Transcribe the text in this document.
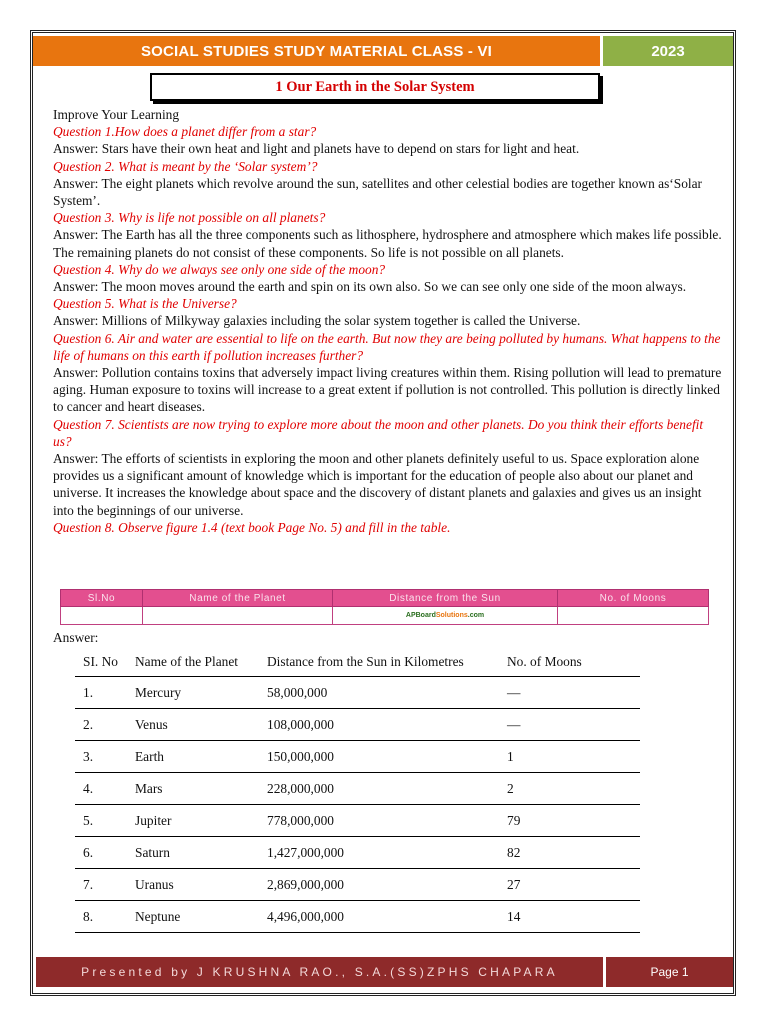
SOCIAL STUDIES STUDY MATERIAL CLASS - VI	2023
1 Our Earth in the Solar System

Improve Your Learning

Question 1.How does a planet differ from a star?

Answer: Stars have their own heat and light and planets have to depend on stars for light and heat.

Question 2. What is meant by the ‘Solar system’?

Answer: The eight planets which revolve around the sun, satellites and other celestial bodies are together known as‘Solar System’.

Question 3. Why is life not possible on all planets?

Answer: The Earth has all the three components such as lithosphere, hydrosphere and atmosphere which makes life possible. The remaining planets do not consist of these components. So life is not possible on all planets.

Question 4. Why do we always see only one side of the moon?

Answer: The moon moves around the earth and spin on its own also. So we can see only one side of the moon always.

Question 5. What is the Universe?

Answer: Millions of Milkyway galaxies including the solar system together is called the Universe.

Question 6. Air and water are essential to life on the earth. But now they are being polluted by humans. What happens to the life of humans on this earth if pollution increases further?

Answer: Pollution contains toxins that adversely impact living creatures within them. Rising pollution will lead to premature aging. Human exposure to toxins will increase to a great extent if pollution is not controlled. This pollution is directly linked to cancer and heart diseases.

Question 7. Scientists are now trying to explore more about the moon and other planets. Do you think their efforts benefit us?

Answer: The efforts of scientists in exploring the moon and other planets definitely useful to us. Space exploration alone provides us a significant amount of knowledge which is important for the education of people also about our planet and universe. It increases the knowledge about space and the discovery of distant planets and galaxies and gives us an insight into the beginnings of our universe.

Question 8. Observe figure 1.4 (text book Page No. 5) and fill in the table.

Sl.No	Name of the Planet	Distance from the Sun	No. of Moons
		APBoardSolutions.com	
Answer:
SI. No	Name of the Planet	Distance from the Sun in Kilometres	No. of Moons
1.	Mercury	58,000,000	—
2.	Venus	108,000,000	—
3.	Earth	150,000,000	1
4.	Mars	228,000,000	2
5.	Jupiter	778,000,000	79
6.	Saturn	1,427,000,000	82
7.	Uranus	2,869,000,000	27
8.	Neptune	4,496,000,000	14
Presented by J KRUSHNA RAO., S.A.(SS)ZPHS CHAPARA	Page 1
